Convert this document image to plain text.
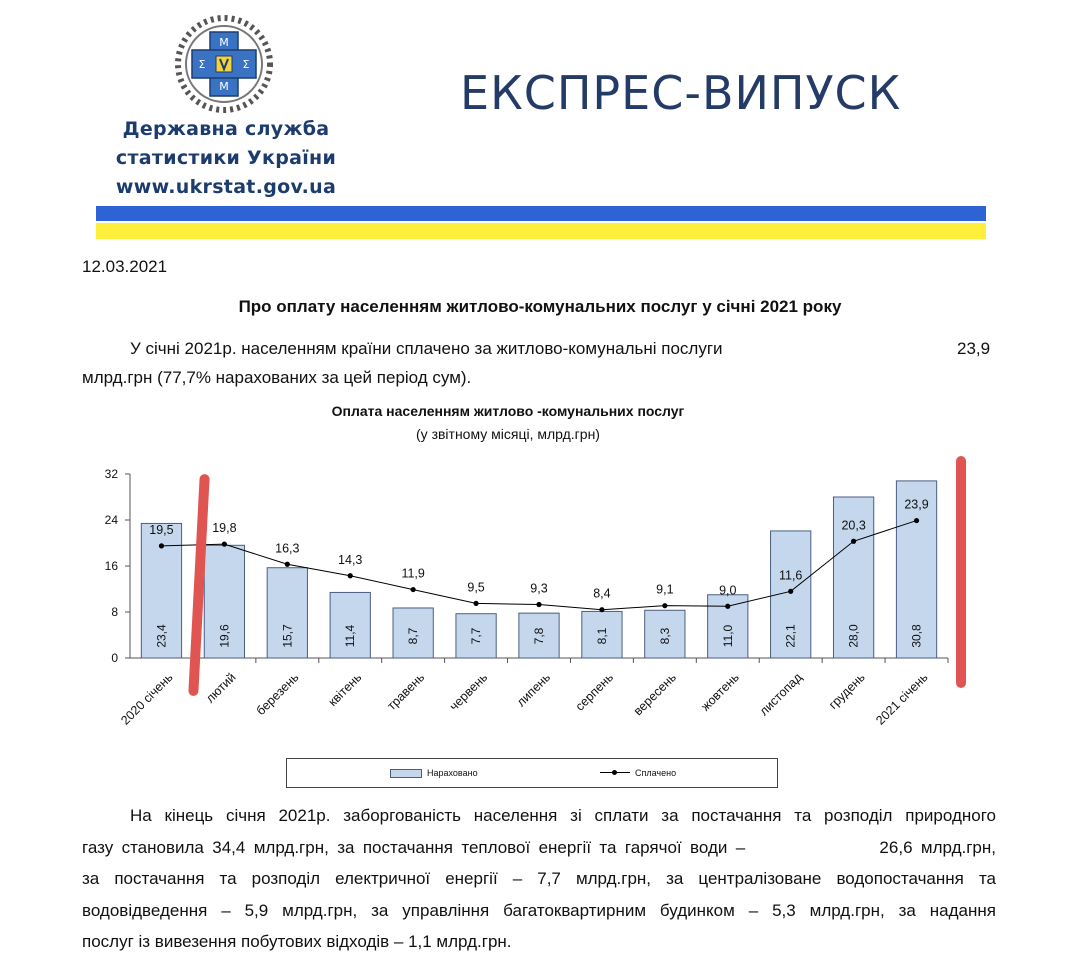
M
Σ	Σ
M
Державна служба
статистики України
www.ukrstat.gov.ua
ЕКСПРЕС-ВИПУСК
12.03.2021
Про оплату населенням житлово-комунальних послуг у січні 2021 року
У січні 2021р. населенням країни сплачено за житлово-комунальні послуги	23,9
млрд.грн (77,7% нарахованих за цей період сум).
Оплата населенням житлово -комунальних послуг
(у звітному місяці, млрд.грн)
0
8
16
24
32
23,4
2020 січень
19,6
лютий
15,7
березень
11,4
квітень
8,7
травень
7,7
червень
7,8
липень
8,1
серпень
8,3
вересень
11,0
жовтень
22,1
листопад
28,0
грудень
30,8
2021 січень
19,5	19,8
16,3
14,3
11,9
9,5	9,3	8,4	9,1	9,0
11,6
20,3
23,9
Нараховано	Сплачено
На кінець січня 2021р. заборгованість населення зі сплати за постачання та розподіл природного
газу становила 34,4 млрд.грн, за постачання теплової енергії та гарячої води –                26,6 млрд.грн,
за постачання та розподіл електричної енергії – 7,7 млрд.грн, за централізоване водопостачання та
водовідведення – 5,9 млрд.грн, за управління багатоквартирним будинком – 5,3 млрд.грн, за надання
послуг із вивезення побутових відходів – 1,1 млрд.грн.
